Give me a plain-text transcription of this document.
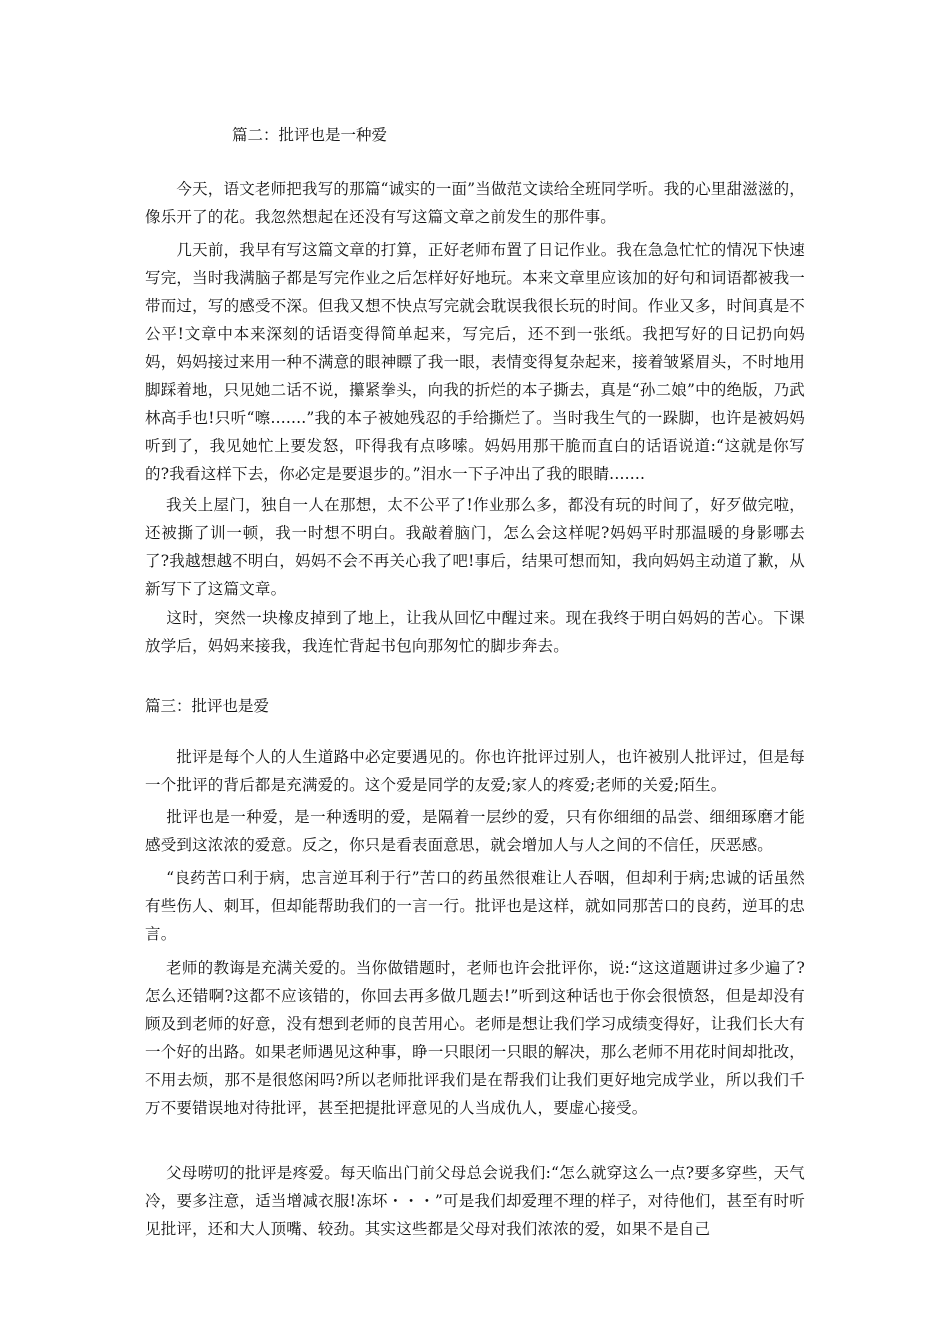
篇二：批评也是一种爱
　　今天，语文老师把我写的那篇“诚实的一面”当做范文读给全班同学听。我的心里甜滋滋的，像乐开了的花。我忽然想起在还没有写这篇文章之前发生的那件事。
　　几天前，我早有写这篇文章的打算，正好老师布置了日记作业。我在急急忙忙的情况下快速写完，当时我满脑子都是写完作业之后怎样好好地玩。本来文章里应该加的好句和词语都被我一带而过，写的感受不深。但我又想不快点写完就会耽误我很长玩的时间。作业又多，时间真是不公平!文章中本来深刻的话语变得简单起来，写完后，还不到一张纸。我把写好的日记扔向妈妈，妈妈接过来用一种不满意的眼神瞟了我一眼，表情变得复杂起来，接着皱紧眉头，不时地用脚踩着地，只见她二话不说，攥紧拳头，向我的折烂的本子撕去，真是“孙二娘”中的绝版，乃武林高手也!只听“嚓.......”我的本子被她残忍的手给撕烂了。当时我生气的一跺脚，也许是被妈妈听到了，我见她忙上要发怒，吓得我有点哆嗦。妈妈用那干脆而直白的话语说道:“这就是你写的?我看这样下去，你必定是要退步的。”泪水一下子冲出了我的眼睛.......
　 我关上屋门，独自一人在那想，太不公平了!作业那么多，都没有玩的时间了，好歹做完啦，还被撕了训一顿，我一时想不明白。我敲着脑门，怎么会这样呢?妈妈平时那温暖的身影哪去了?我越想越不明白，妈妈不会不再关心我了吧!事后，结果可想而知，我向妈妈主动道了歉，从新写下了这篇文章。
　 这时，突然一块橡皮掉到了地上，让我从回忆中醒过来。现在我终于明白妈妈的苦心。下课放学后，妈妈来接我，我连忙背起书包向那匆忙的脚步奔去。
篇三：批评也是爱
　　批评是每个人的人生道路中必定要遇见的。你也许批评过别人，也许被别人批评过，但是每一个批评的背后都是充满爱的。这个爱是同学的友爱;家人的疼爱;老师的关爱;陌生。
　 批评也是一种爱，是一种透明的爱，是隔着一层纱的爱，只有你细细的品尝、细细琢磨才能感受到这浓浓的爱意。反之，你只是看表面意思，就会增加人与人之间的不信任，厌恶感。
　 “良药苦口利于病，忠言逆耳利于行”苦口的药虽然很难让人吞咽，但却利于病;忠诚的话虽然有些伤人、刺耳，但却能帮助我们的一言一行。批评也是这样，就如同那苦口的良药，逆耳的忠言。
　 老师的教诲是充满关爱的。当你做错题时，老师也许会批评你，说:“这这道题讲过多少遍了?怎么还错啊?这都不应该错的，你回去再多做几题去!”听到这种话也于你会很愤怒，但是却没有顾及到老师的好意，没有想到老师的良苦用心。老师是想让我们学习成绩变得好，让我们长大有一个好的出路。如果老师遇见这种事，睁一只眼闭一只眼的解决，那么老师不用花时间却批改，不用去烦，那不是很悠闲吗?所以老师批评我们是在帮我们让我们更好地完成学业，所以我们千万不要错误地对待批评，甚至把提批评意见的人当成仇人，要虚心接受。
　 父母唠叨的批评是疼爱。每天临出门前父母总会说我们:“怎么就穿这么一点?要多穿些，天气冷，要多注意，适当增减衣服!冻坏・・・”可是我们却爱理不理的样子，对待他们，甚至有时听见批评，还和大人顶嘴、较劲。其实这些都是父母对我们浓浓的爱，如果不是自己
